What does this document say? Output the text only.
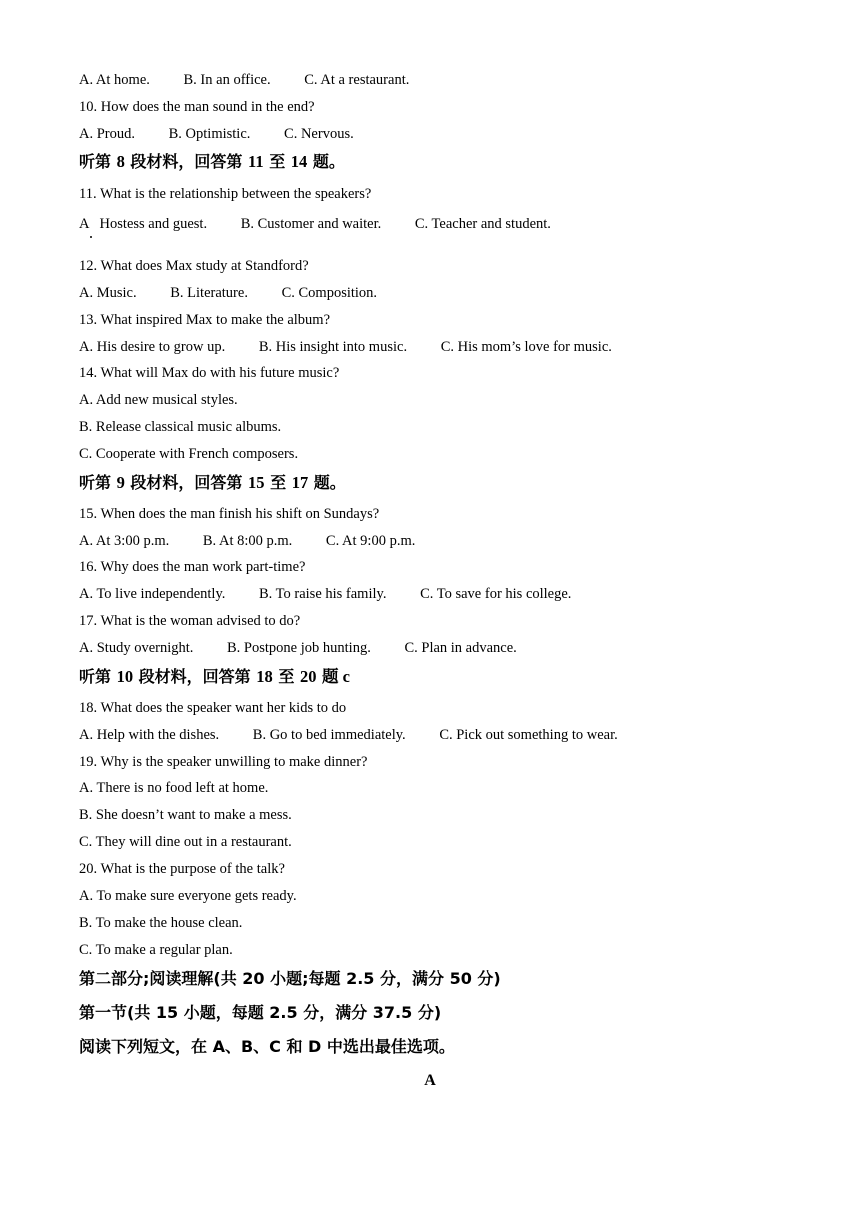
A. At home. B. In an office. C. At a restaurant.
10. How does the man sound in the end?
A. Proud. B. Optimistic. C. Nervous.
听第 8 段材料，回答第 11 至 14 题。
11. What is the relationship between the speakers?
A   Hostess and guest. B. Customer and waiter. C. Teacher and student.
12. What does Max study at Standford?
A. Music. B. Literature. C. Composition.
13. What inspired Max to make the album?
A. His desire to grow up. B. His insight into music. C. His mom’s love for music.
14. What will Max do with his future music?
A. Add new musical styles.
B. Release classical music albums.
C. Cooperate with French composers.
听第 9 段材料，回答第 15 至 17 题。
15. When does the man finish his shift on Sundays?
A. At 3:00 p.m. B. At 8:00 p.m. C. At 9:00 p.m.
16. Why does the man work part-time?
A. To live independently. B. To raise his family. C. To save for his college.
17. What is the woman advised to do?
A. Study overnight. B. Postpone job hunting. C. Plan in advance.
听第 10 段材料，回答第 18 至 20 题 c
18. What does the speaker want her kids to do
A. Help with the dishes. B. Go to bed immediately. C. Pick out something to wear.
19. Why is the speaker unwilling to make dinner?
A. There is no food left at home.
B. She doesn’t want to make a mess.
C. They will dine out in a restaurant.
20. What is the purpose of the talk?
A. To make sure everyone gets ready.
B. To make the house clean.
C. To make a regular plan.
第二部分;阅读理解(共 20 小题;每题 2.5 分，满分 50 分)
第一节(共 15 小题，每题 2.5 分，满分 37.5 分)
阅读下列短文，在 A、B、C 和 D 中选出最佳选项。
A
